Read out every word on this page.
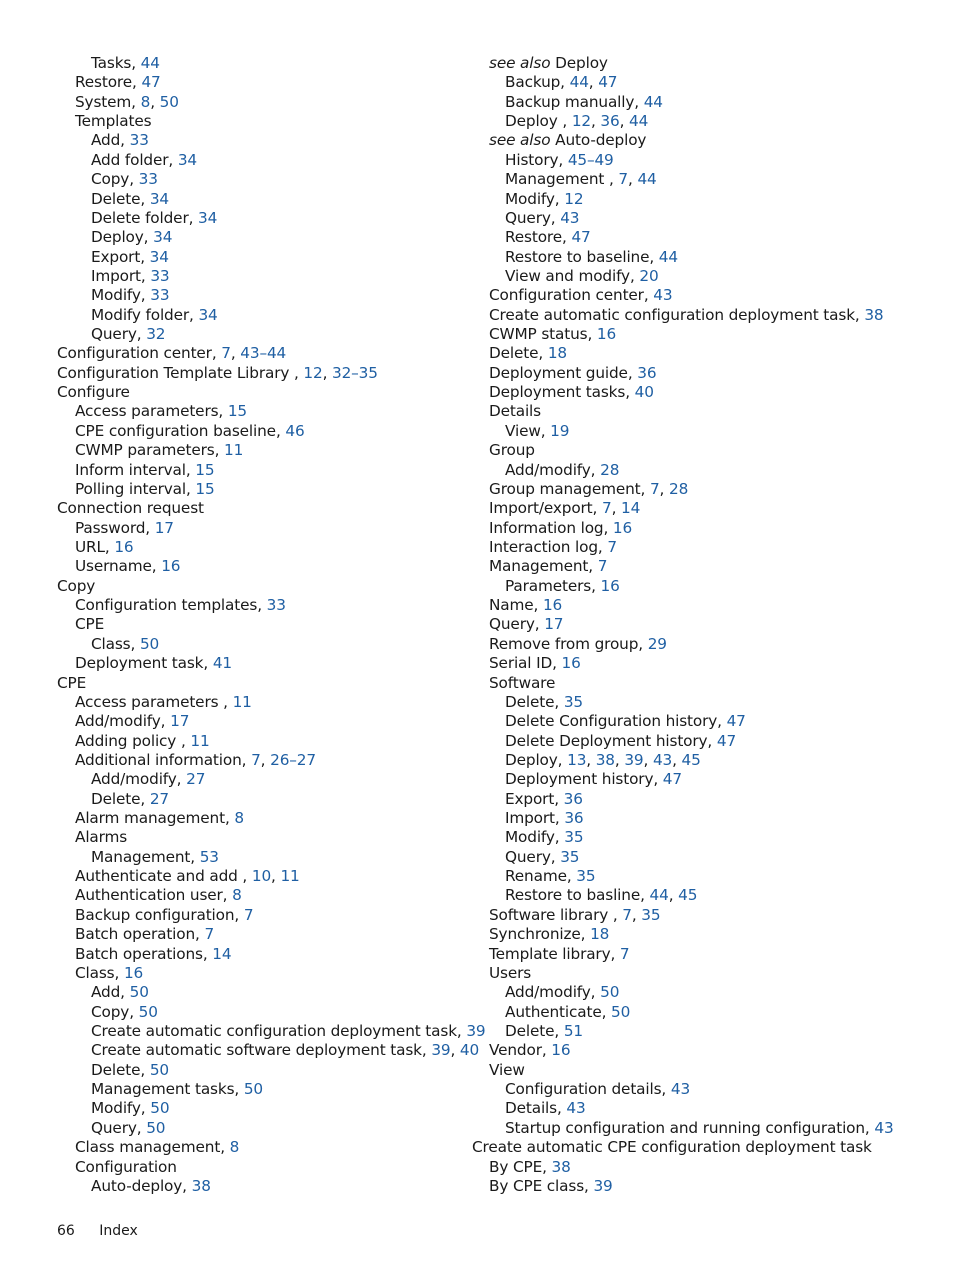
Tasks, 44
Restore, 47
System, 8, 50
Templates
Add, 33
Add folder, 34
Copy, 33
Delete, 34
Delete folder, 34
Deploy, 34
Export, 34
Import, 33
Modify, 33
Modify folder, 34
Query, 32
Configuration center, 7, 43–44
Configuration Template Library , 12, 32–35
Configure
Access parameters, 15
CPE configuration baseline, 46
CWMP parameters, 11
Inform interval, 15
Polling interval, 15
Connection request
Password, 17
URL, 16
Username, 16
Copy
Configuration templates, 33
CPE
Class, 50
Deployment task, 41
CPE
Access parameters , 11
Add/modify, 17
Adding policy , 11
Additional information, 7, 26–27
Add/modify, 27
Delete, 27
Alarm management, 8
Alarms
Management, 53
Authenticate and add , 10, 11
Authentication user, 8
Backup configuration, 7
Batch operation, 7
Batch operations, 14
Class, 16
Add, 50
Copy, 50
Create automatic configuration deployment task, 39
Create automatic software deployment task, 39, 40
Delete, 50
Management tasks, 50
Modify, 50
Query, 50
Class management, 8
Configuration
Auto-deploy, 38
see also Deploy
Backup, 44, 47
Backup manually, 44
Deploy , 12, 36, 44
see also Auto-deploy
History, 45–49
Management , 7, 44
Modify, 12
Query, 43
Restore, 47
Restore to baseline, 44
View and modify, 20
Configuration center, 43
Create automatic configuration deployment task, 38
CWMP status, 16
Delete, 18
Deployment guide, 36
Deployment tasks, 40
Details
View, 19
Group
Add/modify, 28
Group management, 7, 28
Import/export, 7, 14
Information log, 16
Interaction log, 7
Management, 7
Parameters, 16
Name, 16
Query, 17
Remove from group, 29
Serial ID, 16
Software
Delete, 35
Delete Configuration history, 47
Delete Deployment history, 47
Deploy, 13, 38, 39, 43, 45
Deployment history, 47
Export, 36
Import, 36
Modify, 35
Query, 35
Rename, 35
Restore to basline, 44, 45
Software library , 7, 35
Synchronize, 18
Template library, 7
Users
Add/modify, 50
Authenticate, 50
Delete, 51
Vendor, 16
View
Configuration details, 43
Details, 43
Startup configuration and running configuration, 43
Create automatic CPE configuration deployment task
By CPE, 38
By CPE class, 39
66 Index
